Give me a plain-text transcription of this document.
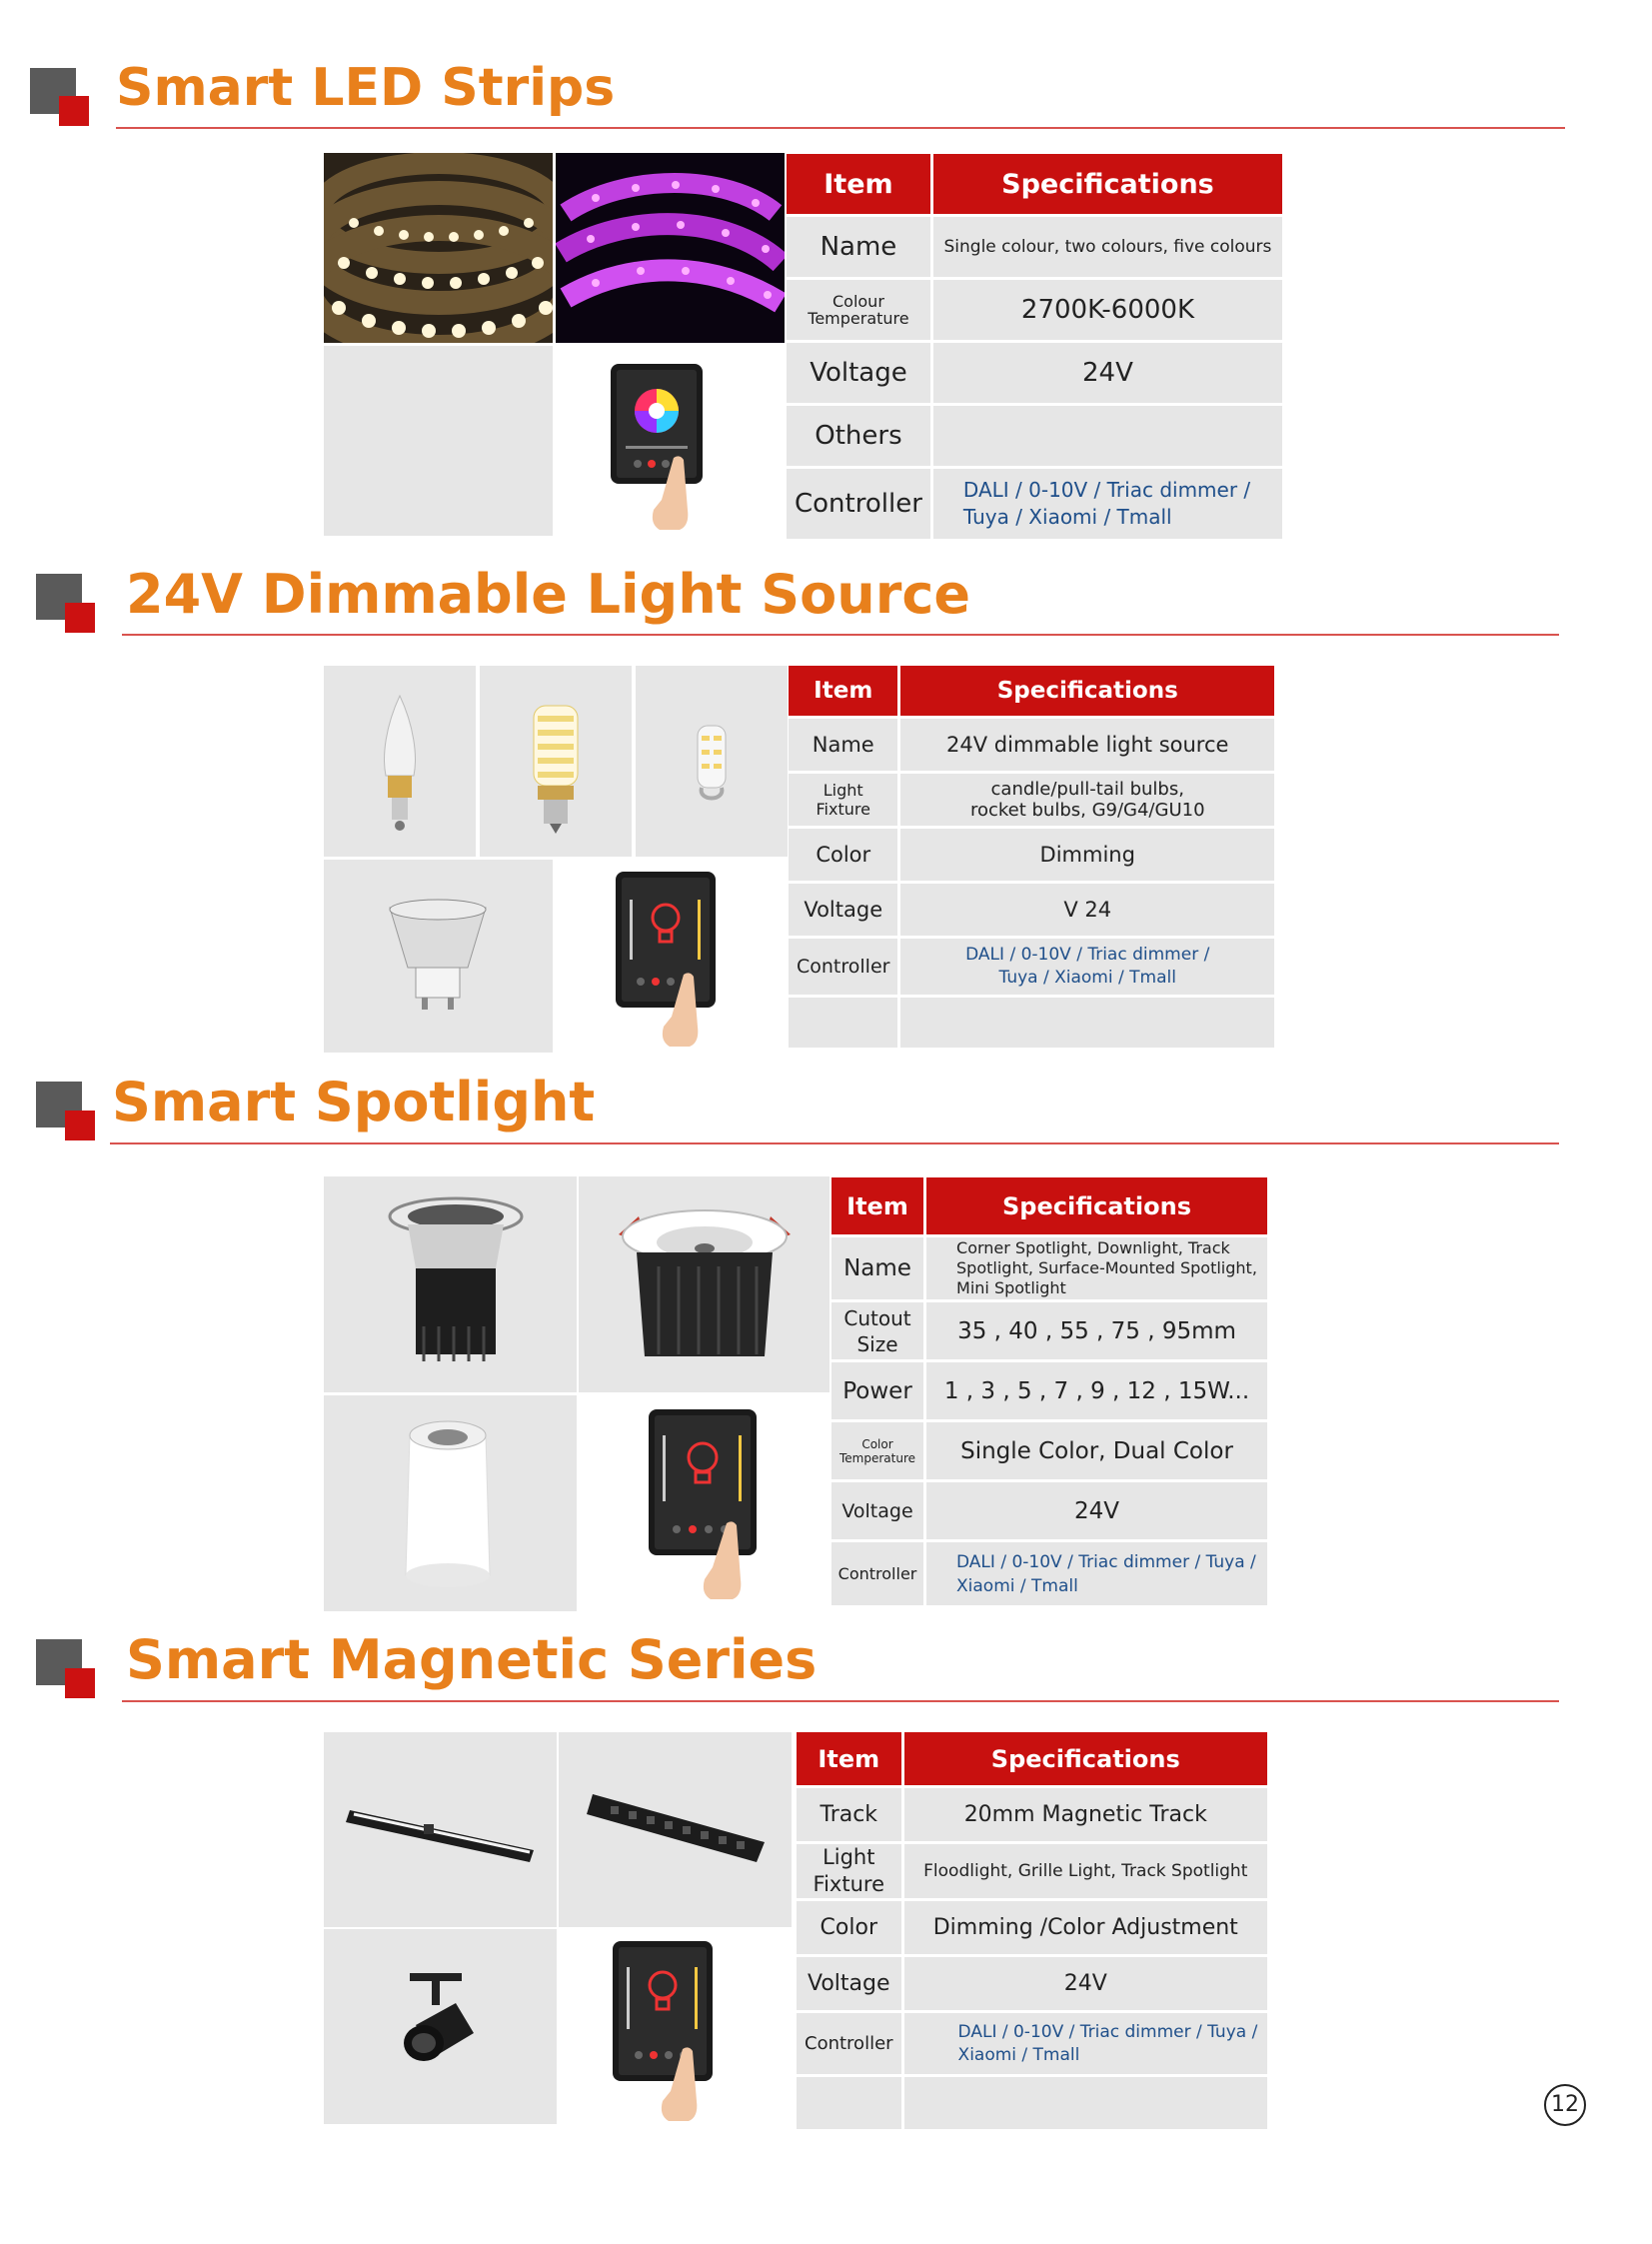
Smart LED Strips
Item	Specifications
Name	Single colour, two colours, five colours
Colour Temperature	2700K-6000K
Voltage	24V
Others	
Controller	DALI / 0-10V / Triac dimmer / Tuya / Xiaomi / Tmall
24V Dimmable Light Source
Item	Specifications
Name	24V dimmable light source
Light Fixture	candle/pull-tail bulbs, rocket bulbs, G9/G4/GU10
Color	Dimming
Voltage	V 24
Controller	DALI / 0-10V / Triac dimmer / Tuya / Xiaomi / Tmall

Smart Spotlight
Item	Specifications
Name	Corner Spotlight, Downlight, Track Spotlight, Surface-Mounted Spotlight, Mini Spotlight
Cutout Size	35 , 40 , 55 , 75 , 95mm
Power	1 , 3 , 5 , 7 , 9 , 12 , 15W...
Color Temperature	Single Color, Dual Color
Voltage	24V
Controller	DALI / 0-10V / Triac dimmer / Tuya / Xiaomi / Tmall
Smart Magnetic Series
Item	Specifications
Track	20mm Magnetic Track
Light Fixture	Floodlight, Grille Light, Track Spotlight
Color	Dimming /Color Adjustment
Voltage	24V
Controller	DALI / 0-10V / Triac dimmer / Tuya / Xiaomi / Tmall

12
